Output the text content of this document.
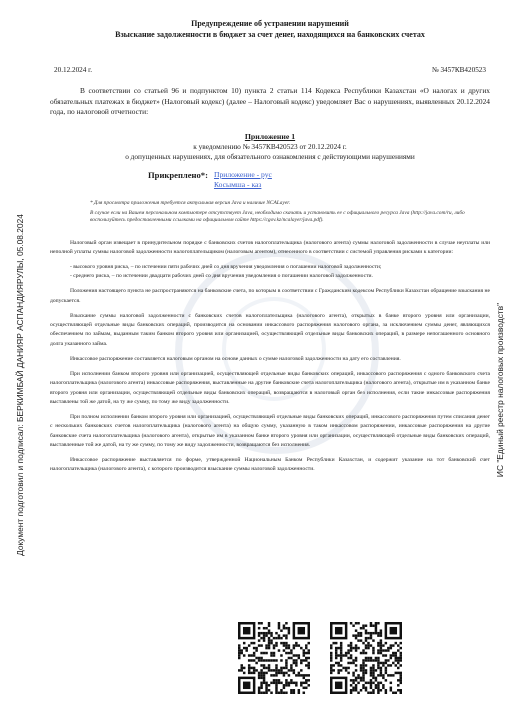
Документ подготовил и подписал: БЕРКИМБАЙ ДАНИЯР АСПАНДИЯРУЛЫ, 05.08.2024	ИС "Единый реестр налоговых производств"
Предупреждение об устранении нарушений
Взыскание задолженности в бюджет за счет денег, находящихся на банковских счетах
20.12.2024 г.	№ 3457КВ420523
В соответствии со статьей 96 и подпунктом 10) пункта 2 статьи 114 Кодекса Республики Казахстан «О налогах и других обязательных платежах в бюджет» (Налоговый кодекс) (далее – Налоговый кодекс) уведомляет Вас о нарушениях, выявленных 20.12.2024 года, по налоговой отчетности:
Приложение 1
к уведомлению № 3457КВ420523 от 20.12.2024 г.
о допущенных нарушениях, для обязательного ознакомления с действующими нарушениями
Прикреплено*: Приложение - рус
Косымша - каз

* Для просмотра приложения требуется актуальная версия Java и наличие NCALayer.

В случае если на Вашем персональном компьютере отсутствует Java, необходимо скачать и установить ее с официального ресурса Java (http://java.com/ru, либо воспользуйтесь предоставленными ссылками на официальном сайте https://cgov.kz/ncalayer/java.pdf).

Налоговый орган извещает в принудительном порядке с банковских счетов налогоплательщика (налогового агента) суммы налоговой задолженности в случае неуплаты или неполной уплаты суммы налоговой задолженности налогоплательщиком (налоговым агентом), отнесенного в соответствии с системой управления рисками к категории:

- высокого уровня риска, – по истечении пяти рабочих дней со дня вручения уведомления о погашении налоговой задолженности;

- среднего риска, – по истечении двадцати рабочих дней со дня вручения уведомления о погашении налоговой задолженности.

Положения настоящего пункта не распространяются на банковские счета, по которым в соответствии с Гражданским кодексом Республики Казахстан обращение взыскания не допускается.

Взыскание суммы налоговой задолженности с банковских счетов налогоплательщика (налогового агента), открытых в банке второго уровня или организации, осуществляющей отдельные виды банковских операций, производится на основании инкассового распоряжения налогового органа, за исключением суммы денег, являющихся обеспечением по займам, выданным таким банком второго уровня или организацией, осуществляющей отдельные виды банковских операций, в размере непогашенного основного долга указанного займа.

Инкассовое распоряжение составляется налоговым органом на основе данных о сумме налоговой задолженности на дату его составления.

При исполнении банком второго уровня или организацией, осуществляющей отдельные виды банковских операций, инкассового распоряжения с одного банковского счета налогоплательщика (налогового агента) инкассовые распоряжения, выставленные на другие банковские счета налогоплательщика (налогового агента), открытые им в указанном банке второго уровня или организации, осуществляющей отдельные виды банковских операций, возвращаются в налоговый орган без исполнения, если такие инкассовые распоряжения выставлены той же датой, на ту же сумму, по тому же виду задолженности.

При полном исполнении банком второго уровня или организацией, осуществляющей отдельные виды банковских операций, инкассового распоряжения путем списания денег с нескольких банковских счетов налогоплательщика (налогового агента) на общую сумму, указанную в таком инкассовом распоряжении, инкассовые распоряжения на другие банковские счета налогоплательщика (налогового агента), открытые им в указанном банке второго уровня или организации, осуществляющей отдельные виды банковских операций, выставленные той же датой, на ту же сумму, по тому же виду задолженности, возвращаются без исполнения.

Инкассовое распоряжение выставляется по форме, утвержденной Национальным Банком Республики Казахстан, и содержит указание на тот банковский счет налогоплательщика (налогового агента), с которого производится взыскание суммы налоговой задолженности.
